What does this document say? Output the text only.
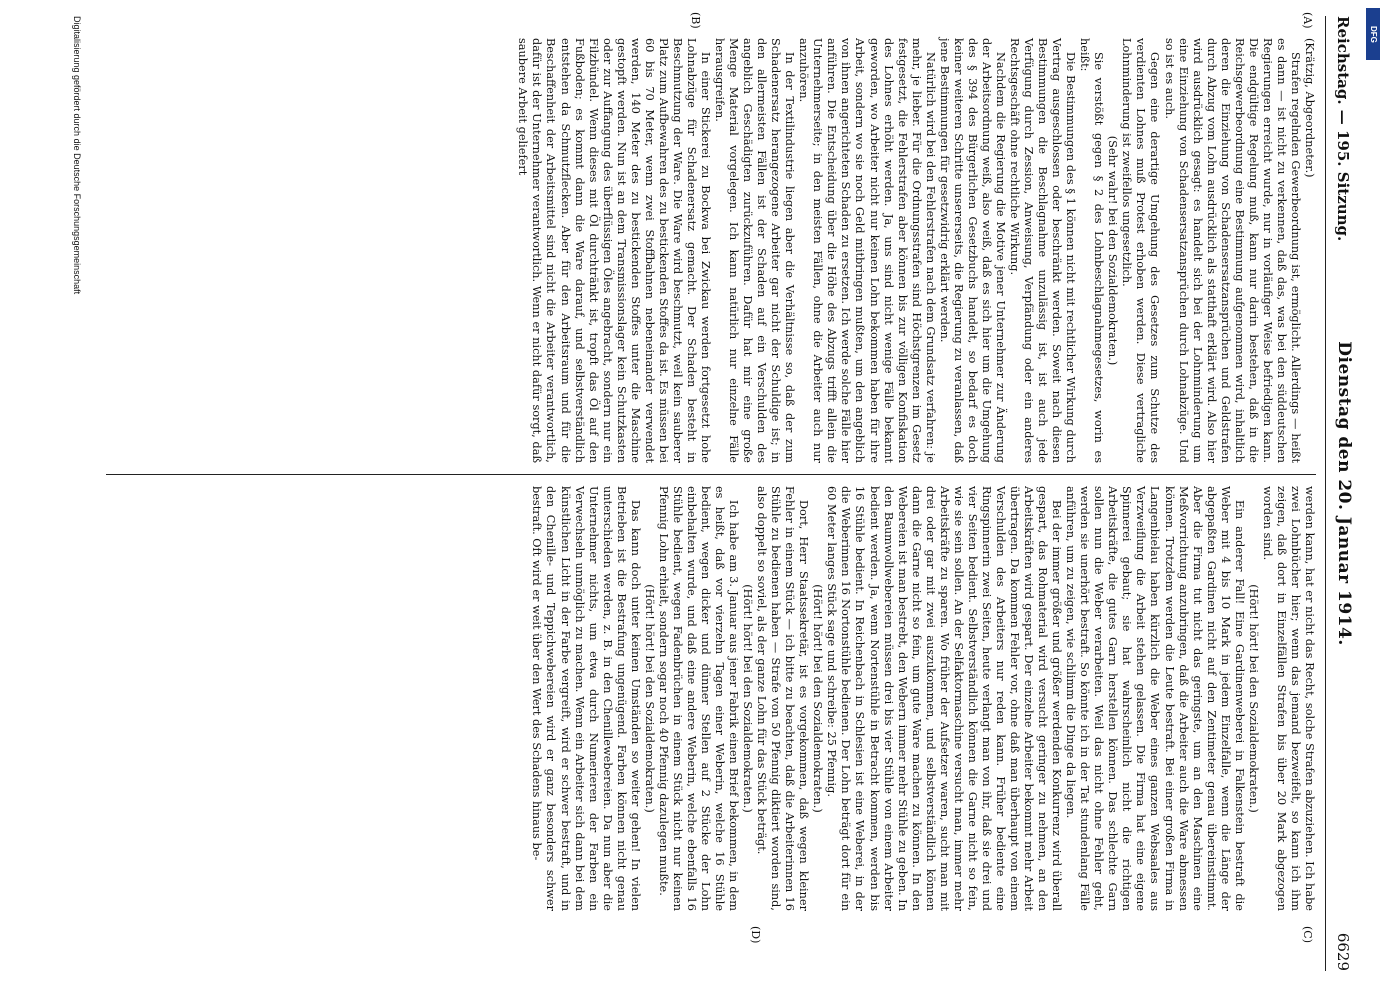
Reichstag. — 195. Sitzung.
Dienstag den 20. Januar 1914.
6629
(A)
(B)
(C)
(D)

(Krätzig, Abgeordneter.)

Strafen regelnden Gewerbeordnung ist, ermöglicht. Allerdings — heißt es dann — ist nicht zu verkennen, daß das, was bei den süddeutschen Regierungen erreicht wurde, nur in vorläufiger Weise befriedigen kann. Die endgültige Regelung muß, kann nur darin bestehen, daß in die Reichsgewerbeordnung eine Bestimmung aufgenommen wird, inhaltlich deren die Einziehung von Schadensersatzansprüchen und Geldstrafen durch Abzug vom Lohn ausdrücklich als statthaft erklärt wird. Also hier wird ausdrücklich gesagt: es handelt sich bei der Lohnminderung um eine Einziehung von Schadensersatzansprüchen durch Lohnabzüge. Und so ist es auch.

Gegen eine derartige Umgehung des Gesetzes zum Schutze des verdienten Lohnes muß Protest erhoben werden. Diese vertragliche Lohnminderung ist zweifellos ungesetzlich.

(Sehr wahr! bei den Sozialdemokraten.)

Sie verstößt gegen § 2 des Lohnbeschlagnahmegesetzes, worin es heißt:

Die Bestimmungen des § 1 können nicht mit rechtlicher Wirkung durch Vertrag ausgeschlossen oder beschränkt werden. Soweit nach diesen Bestimmungen die Beschlagnahme unzulässig ist, ist auch jede Verfügung durch Zession, Anweisung, Verpfändung oder ein anderes Rechtsgeschäft ohne rechtliche Wirkung.

Nachdem die Regierung die Motive jener Unternehmer zur Änderung der Arbeitsordnung weiß, also weiß, daß es sich hier um die Umgehung des § 394 des Bürgerlichen Gesetzbuchs handelt, so bedarf es doch keiner weiteren Schritte unsererseits, die Regierung zu veranlassen, daß jene Bestimmungen für gesetzwidrig erklärt werden.

Natürlich wird bei den Fehlerstrafen nach dem Grundsatz verfahren: je mehr, je lieber. Für die Ordnungsstrafen sind Höchstgrenzen im Gesetz festgesetzt, die Fehlerstrafen aber können bis zur völligen Konfiskation des Lohnes erhöht werden. Ja, uns sind nicht wenige Fälle bekannt geworden, wo Arbeiter nicht nur keinen Lohn bekommen haben für ihre Arbeit, sondern wo sie noch Geld mitbringen mußten, um den angeblich von ihnen angerichteten Schaden zu ersetzen. Ich werde solche Fälle hier anführen. Die Entscheidung über die Höhe des Abzugs trifft allein die Unternehmerseite; in den meisten Fällen, ohne die Arbeiter auch nur anzuhören.

In der Textilindustrie liegen aber die Verhältnisse so, daß der zum Schadenersatz herangezogene Arbeiter gar nicht der Schuldige ist; in den allermeisten Fällen ist der Schaden auf ein Verschulden des angeblich Geschädigten zurückzuführen. Dafür hat mir eine große Menge Material vorgelegen. Ich kann natürlich nur einzelne Fälle herausgreifen.

In einer Stickerei zu Bockwa bei Zwickau werden fortgesetzt hohe Lohnabzüge für Schadenersatz gemacht. Der Schaden besteht in Beschmutzung der Ware. Die Ware wird beschmutzt, weil kein sauberer Platz zum Aufbewahren des zu bestickenden Stoffes da ist. Es müssen bei 60 bis 70 Meter, wenn zwei Stoffbahnen nebeneinander verwendet werden, 140 Meter des zu bestickenden Stoffes unter die Maschine gestopft werden. Nun ist an dem Transmissionslager kein Schutzkasten oder zur Auffangung des überflüssigen Öles angebracht, sondern nur ein Filzbündel. Wenn dieses mit Öl durchtränkt ist, tropft das Öl auf den Fußboden; es kommt dann die Ware darauf, und selbstverständlich entstehen da Schmutzflecken. Aber für den Arbeitsraum und für die Beschaffenheit der Arbeitsmittel sind nicht die Arbeiter verantwortlich, dafür ist der Unternehmer verantwortlich. Wenn er nicht dafür sorgt, daß saubere Arbeit geliefert

werden kann, hat er nicht das Recht, solche Strafen abzuziehen. Ich habe zwei Lohnbücher hier; wenn das jemand bezweifelt, so kann ich ihm zeigen, daß dort in Einzelfällen Strafen bis über 20 Mark abgezogen worden sind.

(Hört! hört! bei den Sozialdemokraten.)

Ein anderer Fall! Eine Gardinenweberei in Falkenstein bestraft die Weber mit 4 bis 10 Mark in jedem Einzelfalle, wenn die Länge der abgepaßten Gardinen nicht auf den Zentimeter genau übereinstimmt. Aber die Firma tut nicht das geringste, um an den Maschinen eine Meßvorrichtung anzubringen, daß die Arbeiter auch die Ware abmessen können. Trotzdem werden die Leute bestraft. Bei einer großen Firma in Langenbielau haben kürzlich die Weber eines ganzen Websaales aus Verzweiflung die Arbeit stehen gelassen. Die Firma hat eine eigene Spinnerei gebaut; sie hat wahrscheinlich nicht die richtigen Arbeitskräfte, die gutes Garn herstellen können. Das schlechte Garn sollen nun die Weber verarbeiten. Weil das nicht ohne Fehler geht, werden sie unerhört bestraft. So könnte ich in der Tat stundenlang Fälle anführen, um zu zeigen, wie schlimm die Dinge da liegen.

Bei der immer größer und größer werdenden Konkurrenz wird überall gespart, das Rohmaterial wird versucht geringer zu nehmen, an den Arbeitskräften wird gespart. Der einzelne Arbeiter bekommt mehr Arbeit übertragen. Da kommen Fehler vor, ohne daß man überhaupt von einem Verschulden des Arbeiters nur reden kann. Früher bediente eine Ringspinnerin zwei Seiten, heute verlangt man von ihr, daß sie drei und vier Seiten bedient. Selbstverständlich können die Garne nicht so fein, wie sie sein sollen. An der Selfaktormaschine versucht man, immer mehr Arbeitskräfte zu sparen. Wo früher der Aufsetzer waren, sucht man mit drei oder gar mit zwei auszukommen, und selbstverständlich können dann die Garne nicht so fein, um gute Ware machen zu können. In den Webereien ist man bestrebt, den Webern immer mehr Stühle zu geben. In den Baumwollwebereien müssen drei bis vier Stühle von einem Arbeiter bedient werden. Ja, wenn Nortenstühle in Betracht kommen, werden bis 16 Stühle bedient. In Reichenbach in Schlesien ist eine Weberei, in der die Weberinnen 16 Nortonstühle bedienen. Der Lohn beträgt dort für ein 60 Meter langes Stück sage und schreibe: 25 Pfennig.

(Hört! hört! bei den Sozialdemokraten.)

Dort, Herr Staatssekretär, ist es vorgekommen, daß wegen kleiner Fehler in einem Stück — ich bitte zu beachten, daß die Arbeiterinnen 16 Stühle zu bedienen haben — Strafe von 50 Pfennig diktiert worden sind, also doppelt so soviel, als der ganze Lohn für das Stück beträgt.

(Hört! hört! bei den Sozialdemokraten.)

Ich habe am 3. Januar aus jener Fabrik einen Brief bekommen, in dem es heißt, daß vor vierzehn Tagen einer Weberin, welche 16 Stühle bedient, wegen dicker und dünner Stellen auf 2 Stücke der Lohn einbehalten wurde, und daß eine andere Weberin, welche ebenfalls 16 Stühle bedient, wegen Fadenbrüchen in einem Stück nicht nur keinen Pfennig Lohn erhielt, sondern sogar noch 40 Pfennig dazulegen mußte.

(Hört! hört! bei den Sozialdemokraten.)

Das kann doch unter keinen Umständen so weiter gehen! In vielen Betrieben ist die Bestrafung ungenügend. Farben können nicht genau unterschieden werden, z. B. in den Chenillewebereien. Da nun aber die Unternehmer nichts, um etwa durch Numerieren der Farben ein Verwechseln unmöglich zu machen. Wenn ein Arbeiter sich dann bei dem künstlichen Licht in der Farbe vergreift, wird er schwer bestraft, und in den Chenille- und Teppichwebereien wird er ganz besonders schwer bestraft. Oft wird er weit über den Wert des Schadens hinaus be-

Digitalisierung gefördert durch die Deutsche Forschungsgemeinschaft	DFG
